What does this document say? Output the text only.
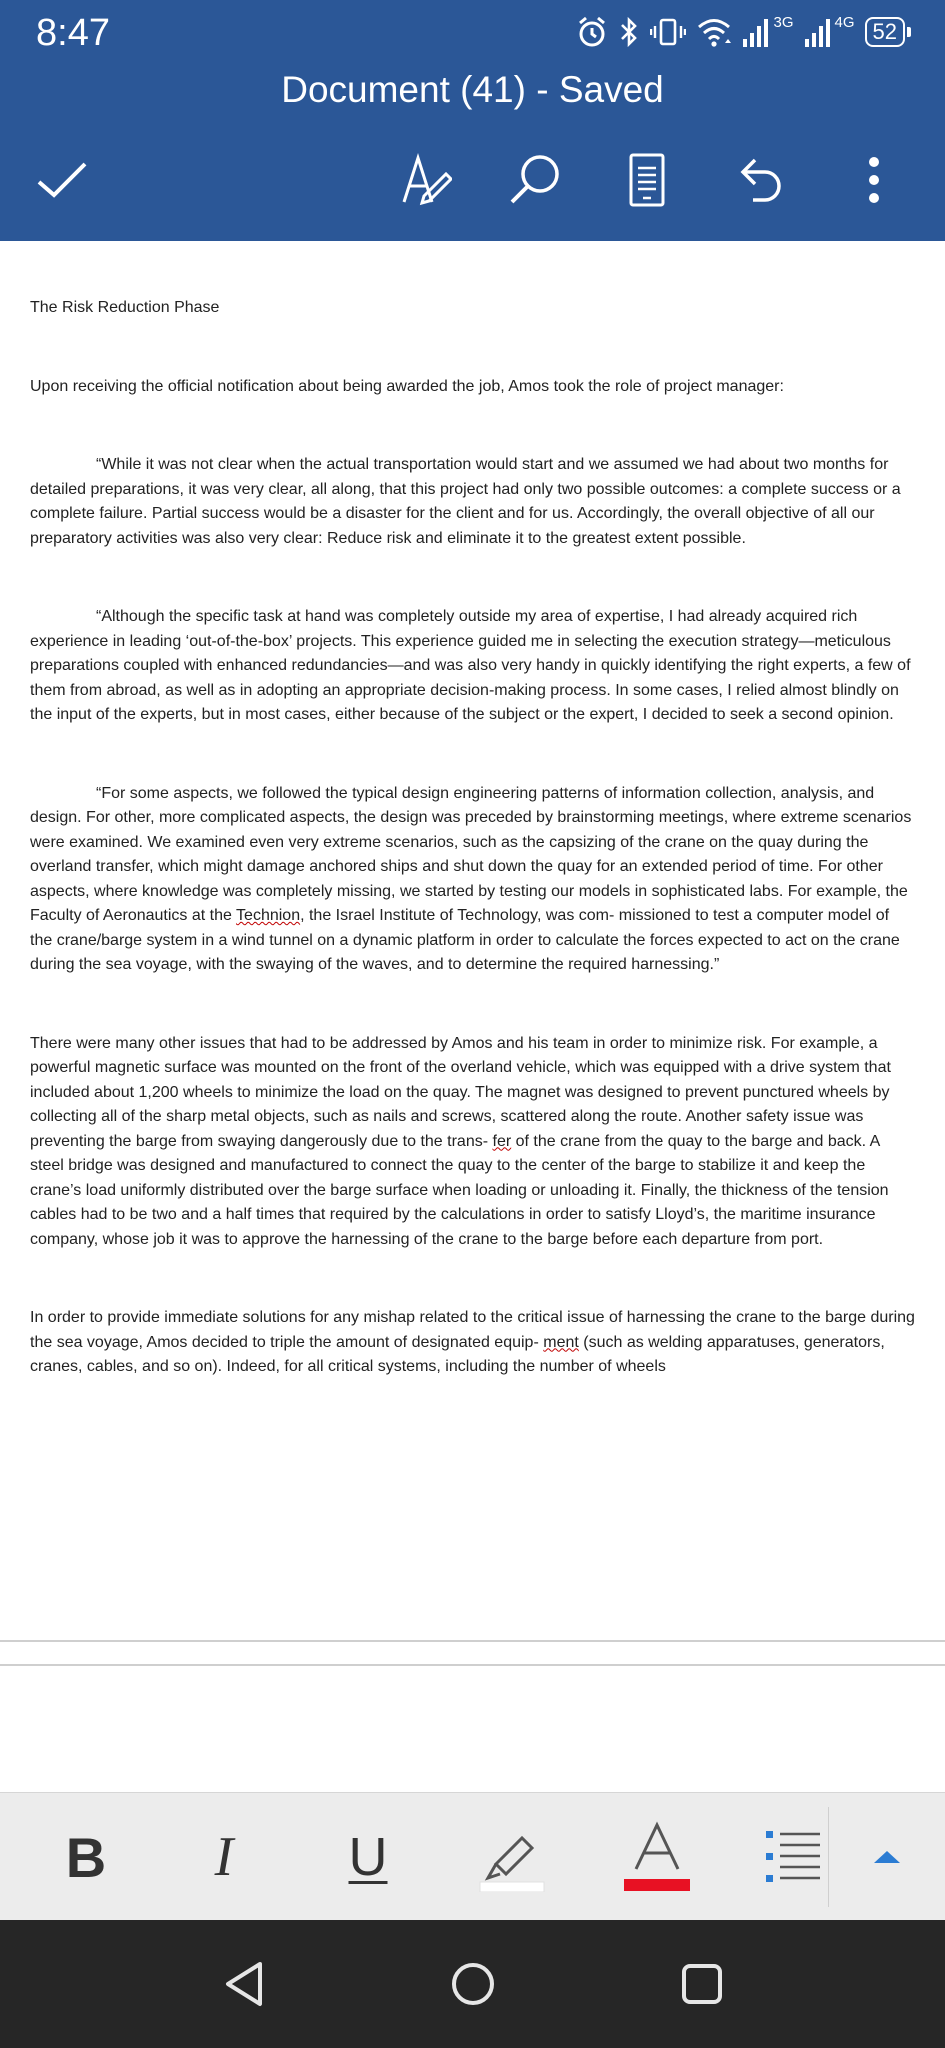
8:47	3G	4G 52
Document (41) - Saved

The Risk Reduction Phase

Upon receiving the official notification about being awarded the job, Amos took the role of project manager:

“While it was not clear when the actual transportation would start and we assumed we had about two months for detailed preparations, it was very clear, all along, that this project had only two possible outcomes: a complete success or a complete failure. Partial success would be a disaster for the client and for us. Accordingly, the overall objective of all our preparatory activities was also very clear: Reduce risk and eliminate it to the greatest extent possible.

“Although the specific task at hand was completely outside my area of expertise, I had already acquired rich experience in leading ‘out-of-the-box’ projects. This experience guided me in selecting the execution strategy—meticulous preparations coupled with enhanced redundancies—and was also very handy in quickly identifying the right experts, a few of them from abroad, as well as in adopting an appropriate decision-making process. In some cases, I relied almost blindly on the input of the experts, but in most cases, either because of the subject or the expert, I decided to seek a second opinion.

“For some aspects, we followed the typical design engineering patterns of information collection, analysis, and design. For other, more complicated aspects, the design was preceded by brainstorming meetings, where extreme scenarios were examined. We examined even very extreme scenarios, such as the capsizing of the crane on the quay during the overland transfer, which might damage anchored ships and shut down the quay for an extended period of time. For other aspects, where knowledge was completely missing, we started by testing our models in sophisticated labs. For example, the Faculty of Aeronautics at the Technion, the Israel Institute of Technology, was com- missioned to test a computer model of the crane/barge system in a wind tunnel on a dynamic platform in order to calculate the forces expected to act on the crane during the sea voyage, with the swaying of the waves, and to determine the required harnessing.”

There were many other issues that had to be addressed by Amos and his team in order to minimize risk. For example, a powerful magnetic surface was mounted on the front of the overland vehicle, which was equipped with a drive system that included about 1,200 wheels to minimize the load on the quay. The magnet was designed to prevent punctured wheels by collecting all of the sharp metal objects, such as nails and screws, scattered along the route. Another safety issue was preventing the barge from swaying dangerously due to the trans- fer of the crane from the quay to the barge and back. A steel bridge was designed and manufactured to connect the quay to the center of the barge to stabilize it and keep the crane’s load uniformly distributed over the barge surface when loading or unloading it. Finally, the thickness of the tension cables had to be two and a half times that required by the calculations in order to satisfy Lloyd’s, the maritime insurance company, whose job it was to approve the harnessing of the crane to the barge before each departure from port.

In order to provide immediate solutions for any mishap related to the critical issue of harnessing the crane to the barge during the sea voyage, Amos decided to triple the amount of designated equip- ment (such as welding apparatuses, generators, cranes, cables, and so on). Indeed, for all critical systems, including the number of wheels

B	I	U
